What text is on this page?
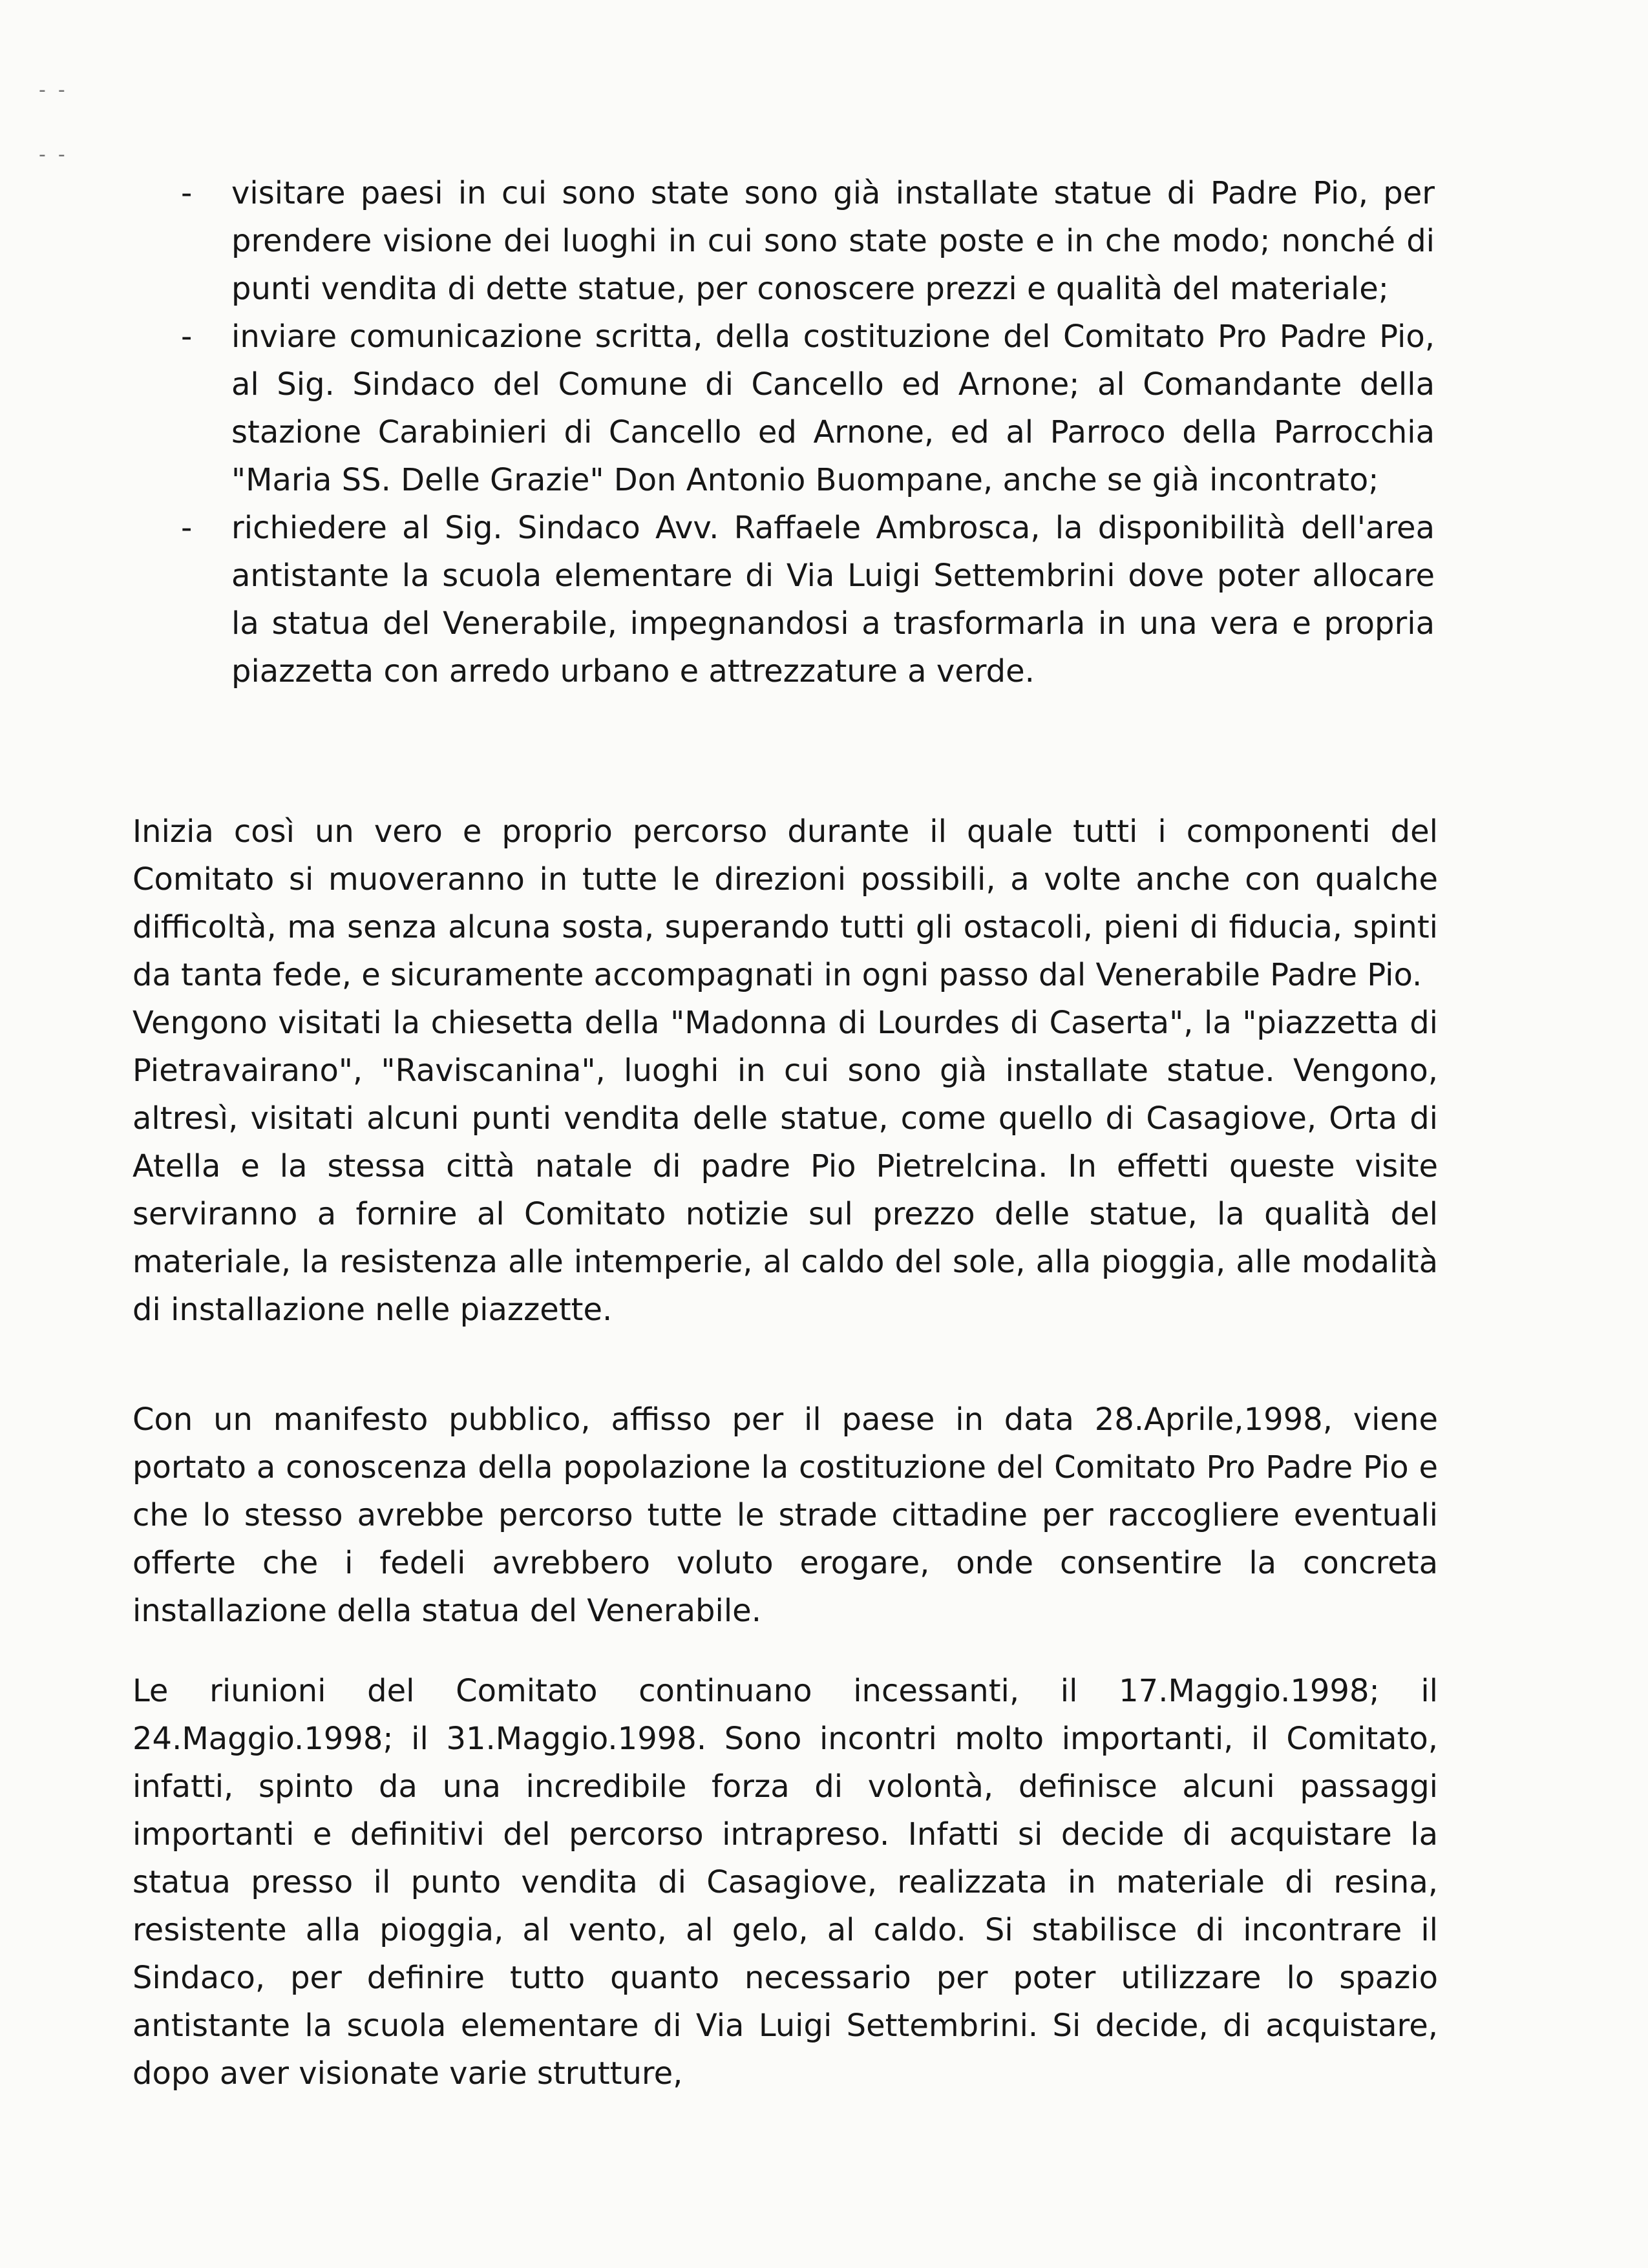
-  -
-  -
- visitare paesi in cui sono state sono già installate statue di Padre Pio, per prendere visione dei luoghi in cui sono state poste e in che modo; nonché di punti vendita di dette statue, per conoscere prezzi e qualità del materiale;
- inviare comunicazione scritta, della costituzione del Comitato Pro Padre Pio, al Sig. Sindaco del Comune di Cancello ed Arnone; al Comandante della stazione Carabinieri di Cancello ed Arnone, ed al Parroco della Parrocchia "Maria SS. Delle Grazie" Don Antonio Buompane, anche se già incontrato;
- richiedere al Sig. Sindaco Avv. Raffaele Ambrosca, la disponibilità dell'area antistante la scuola elementare di Via Luigi Settembrini dove poter allocare la statua del Venerabile, impegnandosi a trasformarla in una vera e propria piazzetta con arredo urbano e attrezzature a verde.

Inizia così un vero e proprio percorso durante il quale tutti i componenti del Comitato si muoveranno in tutte le direzioni possibili, a volte anche con qualche difficoltà, ma senza alcuna sosta, superando tutti gli ostacoli, pieni di fiducia, spinti da tanta fede, e sicuramente accompagnati in ogni passo dal Venerabile Padre Pio.

Vengono visitati la chiesetta della "Madonna di Lourdes di Caserta", la "piazzetta di Pietravairano", "Raviscanina", luoghi in cui sono già installate statue. Vengono, altresì, visitati alcuni punti vendita delle statue, come quello di Casagiove, Orta di Atella e la stessa città natale di padre Pio Pietrelcina. In effetti queste visite serviranno a fornire al Comitato notizie sul prezzo delle statue, la qualità del materiale, la resistenza alle intemperie, al caldo del sole, alla pioggia, alle modalità di installazione nelle piazzette.

Con un manifesto pubblico, affisso per il paese in data 28.Aprile,1998, viene portato a conoscenza della popolazione la costituzione del Comitato Pro Padre Pio e che lo stesso avrebbe percorso tutte le strade cittadine per raccogliere eventuali offerte che i fedeli avrebbero voluto erogare, onde consentire la concreta installazione della statua del Venerabile.

Le riunioni del Comitato continuano incessanti, il 17.Maggio.1998; il 24.Maggio.1998; il 31.Maggio.1998. Sono incontri molto importanti, il Comitato, infatti, spinto da una incredibile forza di volontà, definisce alcuni passaggi importanti e definitivi del percorso intrapreso. Infatti si decide di acquistare la statua presso il punto vendita di Casagiove, realizzata in materiale di resina, resistente alla pioggia, al vento, al gelo, al caldo. Si stabilisce di incontrare il Sindaco, per definire tutto quanto necessario per poter utilizzare lo spazio antistante la scuola elementare di Via Luigi Settembrini. Si decide, di acquistare, dopo aver visionate varie strutture,
